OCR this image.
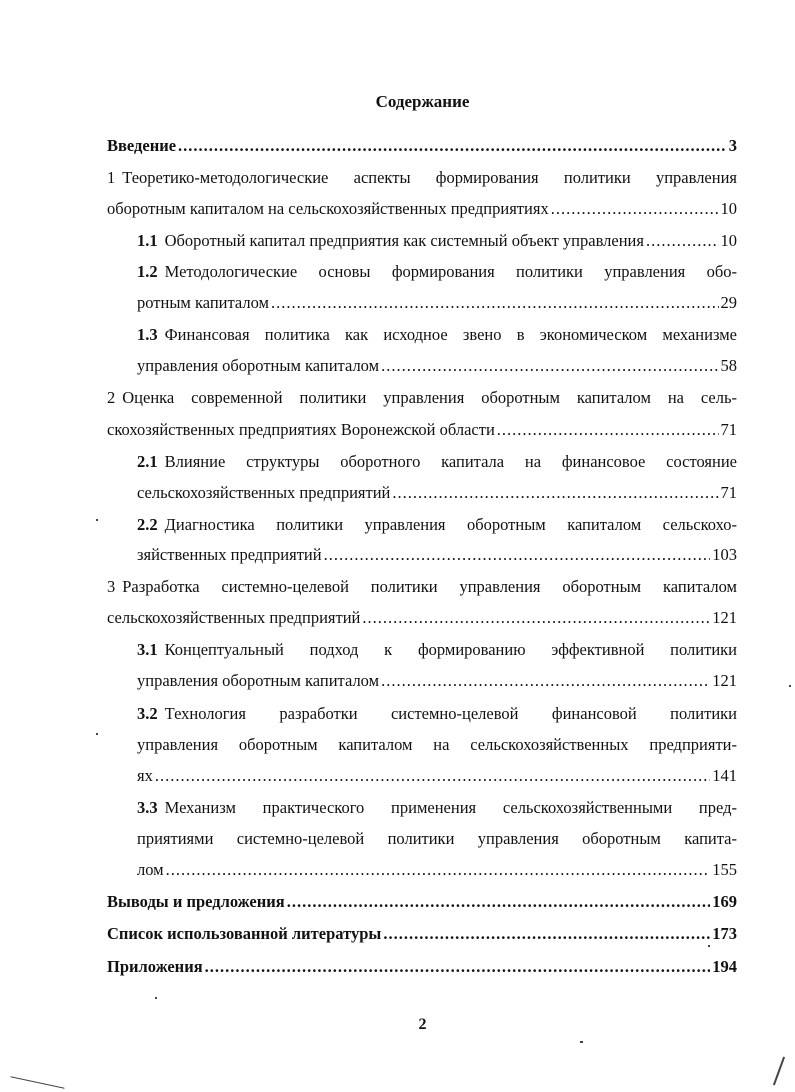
Содержание
Введение .....	3
1 Теоретико-методологические аспекты формирования политики управления
оборотным капиталом на сельскохозяйственных предприятиях .....	10
1.1 Оборотный капитал предприятия как системный объект управления .....	10
1.2 Методологические основы формирования политики управления обо-
ротным капиталом .....	29
1.3 Финансовая политика как исходное звено в экономическом механизме
управления оборотным капиталом .....	58
2 Оценка современной политики управления оборотным капиталом на сель-
скохозяйственных предприятиях Воронежской области .....	71
2.1 Влияние структуры оборотного капитала на финансовое состояние
сельскохозяйственных предприятий .....	71
2.2 Диагностика политики управления оборотным капиталом сельскохо-
зяйственных предприятий .....	103
3 Разработка системно-целевой политики управления оборотным капиталом
сельскохозяйственных предприятий .....	121
3.1 Концептуальный подход к формированию эффективной политики
управления оборотным капиталом .....	121
3.2 Технология разработки системно-целевой финансовой политики
управления оборотным капиталом на сельскохозяйственных предприяти-
ях .....	141
3.3 Механизм практического применения сельскохозяйственными пред-
приятиями системно-целевой политики управления оборотным капита-
лом .....	155
Выводы и предложения .....	169
Список использованной литературы .....	173
Приложения .....	194
2
